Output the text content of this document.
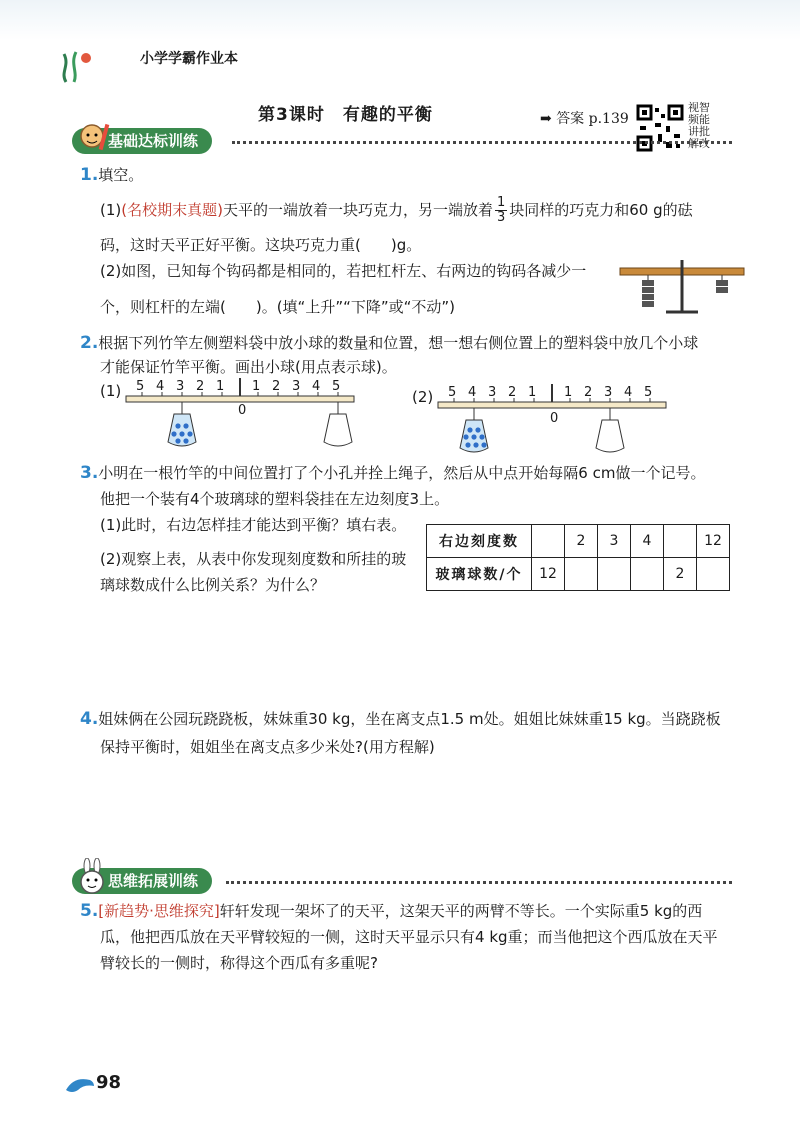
小学学霸作业本
第3课时 有趣的平衡	➡ 答案 p.139
视智
频能
讲批
解改
基础达标训练
1.填空。
(1)(名校期末真题)天平的一端放着一块巧克力，另一端放着 $\frac{1}{3}$ 块同样的巧克力和60 g的砝
码，这时天平正好平衡。这块巧克力重(　　)g。
(2)如图，已知每个钩码都是相同的，若把杠杆左、右两边的钩码各减少一
个，则杠杆的左端(　　)。(填“上升”“下降”或“不动”)
2.根据下列竹竿左侧塑料袋中放小球的数量和位置，想一想右侧位置上的塑料袋中放几个小球
才能保证竹竿平衡。画出小球(用点表示球)。
(1) 5 4 3 2 1 1 2 3 4 5
0
(2) 5 4 3 2 1 1 2 3 4 5
0
3.小明在一根竹竿的中间位置打了个小孔并拴上绳子，然后从中点开始每隔6 cm做一个记号。
他把一个装有4个玻璃球的塑料袋挂在左边刻度3上。
(1)此时，右边怎样挂才能达到平衡？填右表。
(2)观察上表，从表中你发现刻度数和所挂的玻
璃球数成什么比例关系？为什么？
右边刻度数		2	3	4		12
玻璃球数/个	12				2	
4.姐妹俩在公园玩跷跷板，妹妹重30 kg，坐在离支点1.5 m处。姐姐比妹妹重15 kg。当跷跷板
保持平衡时，姐姐坐在离支点多少米处?(用方程解)
思维拓展训练
5.[新趋势·思维探究]轩轩发现一架坏了的天平，这架天平的两臂不等长。一个实际重5 kg的西
瓜，他把西瓜放在天平臂较短的一侧，这时天平显示只有4 kg重；而当他把这个西瓜放在天平
臂较长的一侧时，称得这个西瓜有多重呢?
98
